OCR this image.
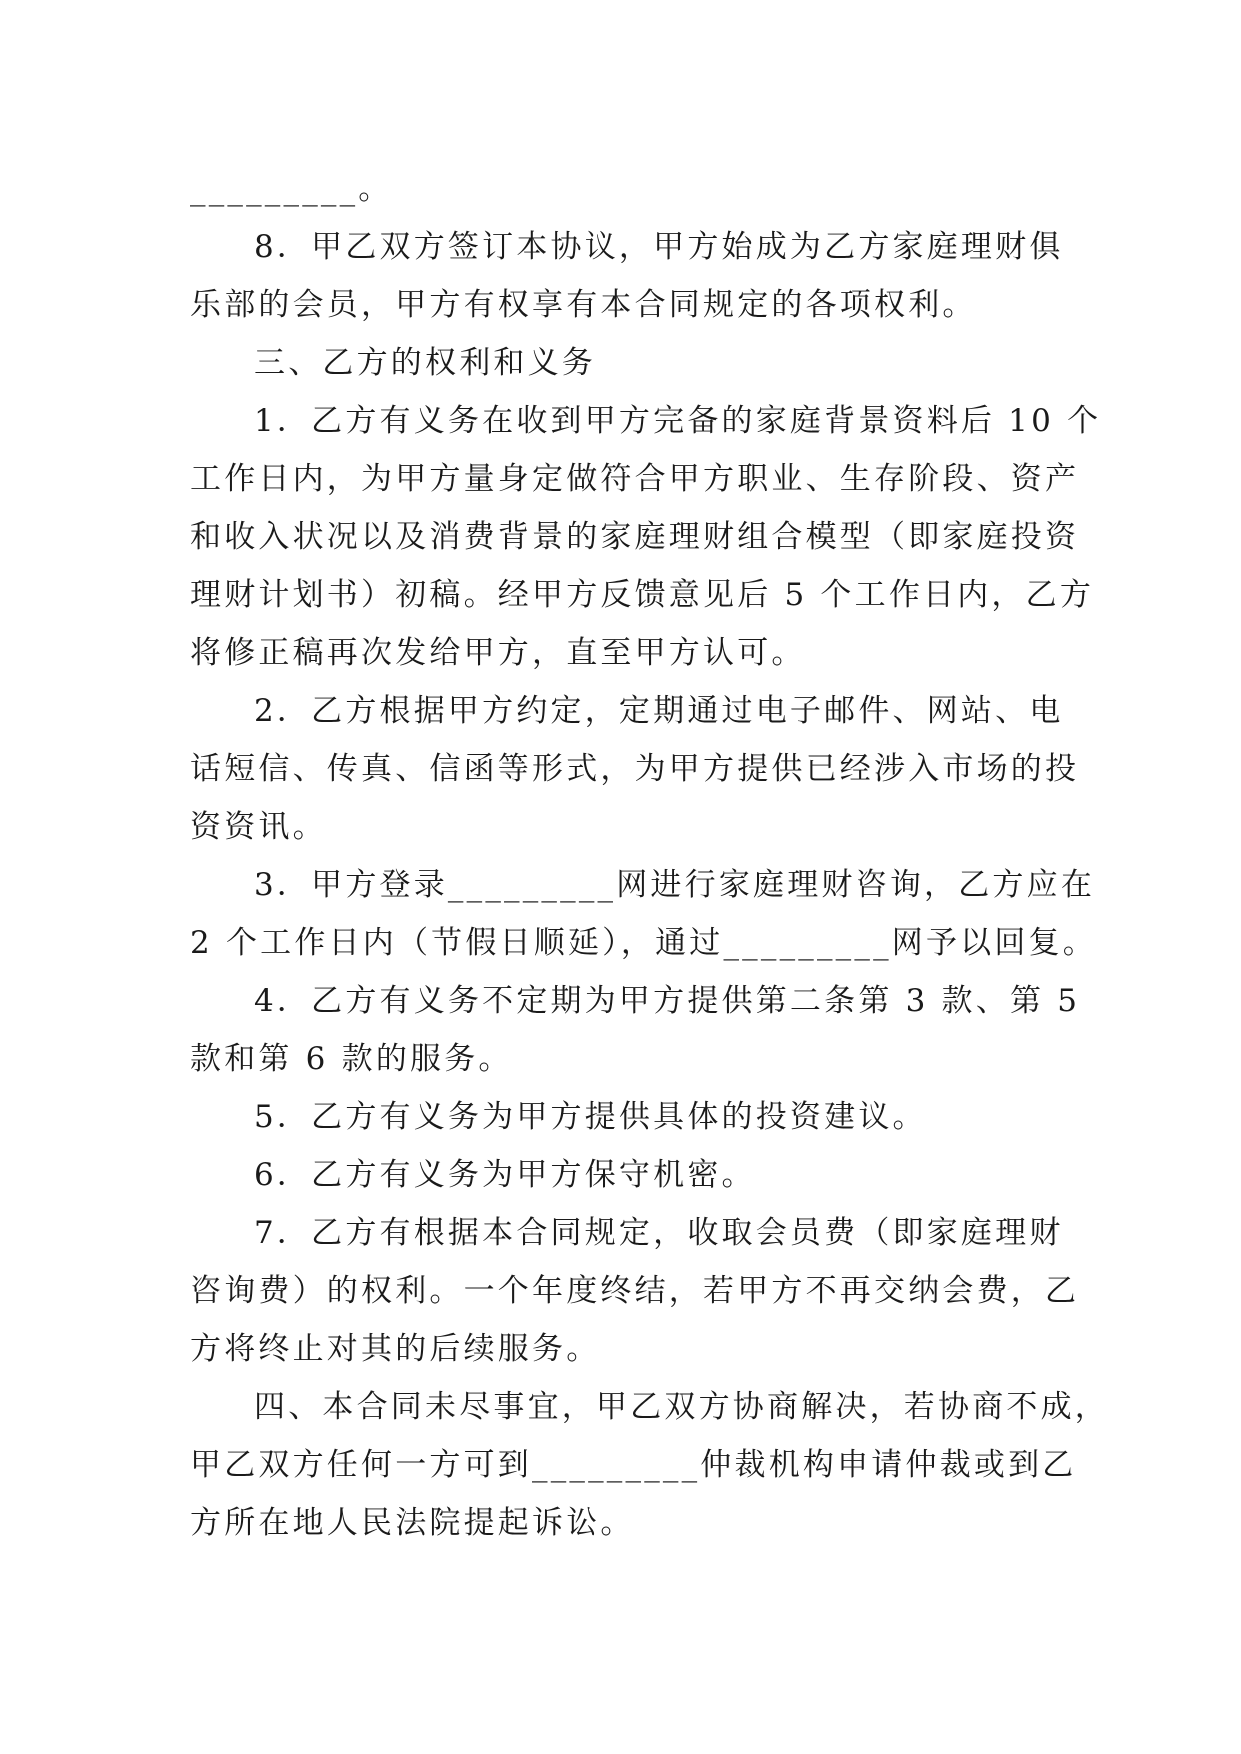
_________。
8．甲乙双方签订本协议，甲方始成为乙方家庭理财俱
乐部的会员，甲方有权享有本合同规定的各项权利。
三、乙方的权利和义务
1．乙方有义务在收到甲方完备的家庭背景资料后 10 个
工作日内，为甲方量身定做符合甲方职业、生存阶段、资产
和收入状况以及消费背景的家庭理财组合模型（即家庭投资
理财计划书）初稿。经甲方反馈意见后 5 个工作日内，乙方
将修正稿再次发给甲方，直至甲方认可。
2．乙方根据甲方约定，定期通过电子邮件、网站、电
话短信、传真、信函等形式，为甲方提供已经涉入市场的投
资资讯。
3．甲方登录_________网进行家庭理财咨询，乙方应在
2 个工作日内（节假日顺延），通过_________网予以回复。
4．乙方有义务不定期为甲方提供第二条第 3 款、第 5
款和第 6 款的服务。
5．乙方有义务为甲方提供具体的投资建议。
6．乙方有义务为甲方保守机密。
7．乙方有根据本合同规定，收取会员费（即家庭理财
咨询费）的权利。一个年度终结，若甲方不再交纳会费，乙
方将终止对其的后续服务。
四、本合同未尽事宜，甲乙双方协商解决，若协商不成，
甲乙双方任何一方可到_________仲裁机构申请仲裁或到乙
方所在地人民法院提起诉讼。
